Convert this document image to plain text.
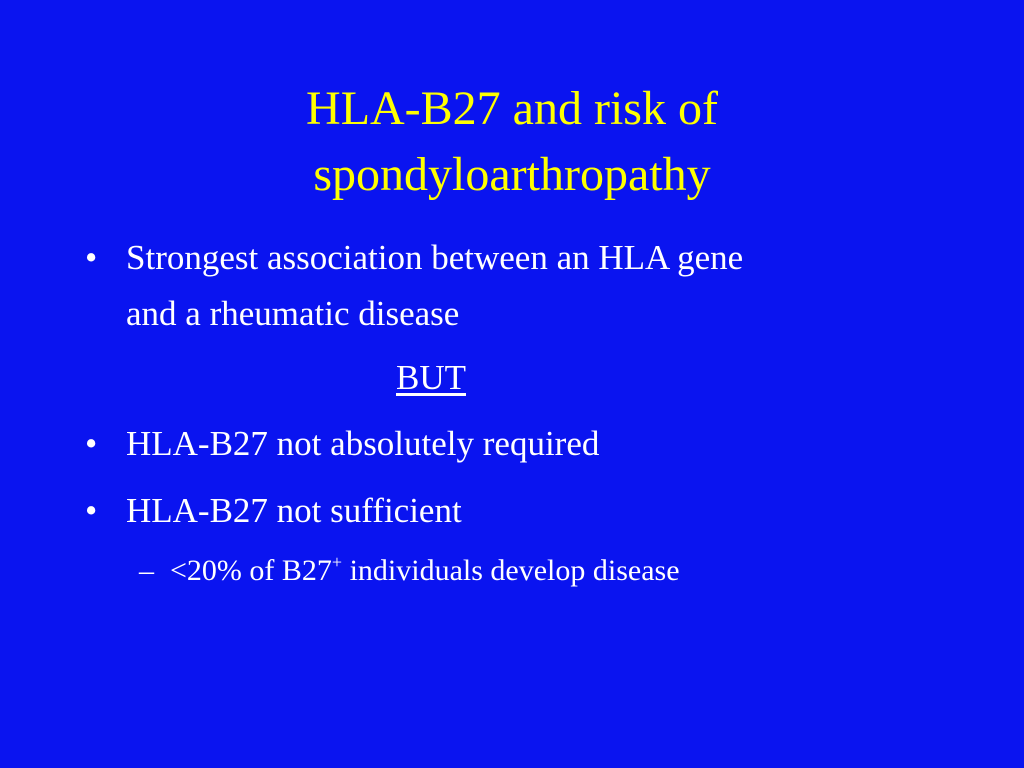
HLA-B27 and risk of
spondyloarthropathy
• Strongest association between an HLA gene
and a rheumatic disease
BUT
• HLA-B27 not absolutely required
• HLA-B27 not sufficient
– <20% of B27+ individuals develop disease
